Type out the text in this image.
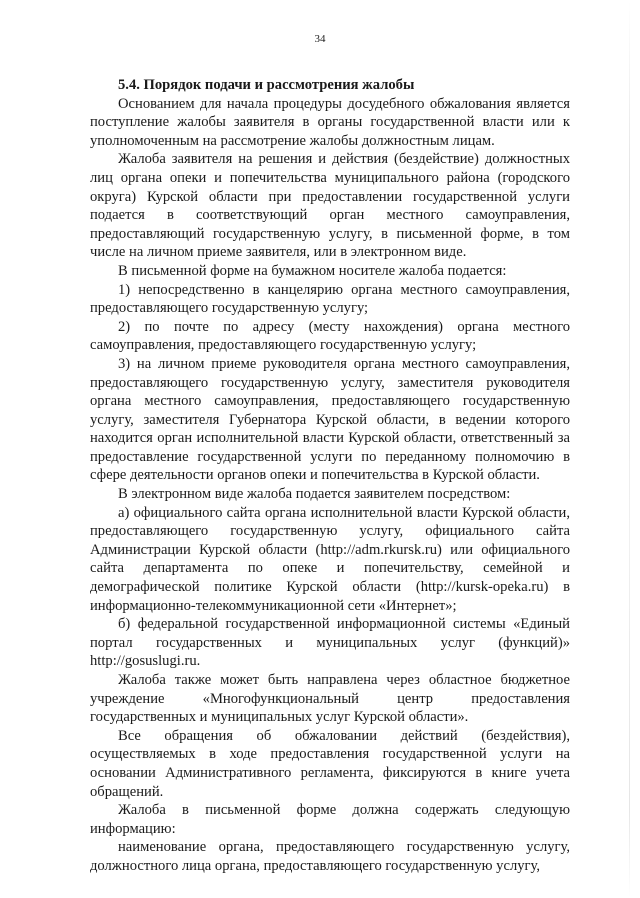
34

5.4. Порядок подачи и рассмотрения жалобы

Основанием для начала процедуры досудебного обжалования является поступление жалобы заявителя в органы государственной власти или к уполномоченным на рассмотрение жалобы должностным лицам.

Жалоба заявителя на решения и действия (бездействие) должностных лиц органа опеки и попечительства муниципального района (городского округа) Курской области при предоставлении государственной услуги подается в соответствующий орган местного самоуправления, предоставляющий государственную услугу, в письменной форме, в том числе на личном приеме заявителя, или в электронном виде.

В письменной форме на бумажном носителе жалоба подается:

1) непосредственно в канцелярию органа местного самоуправления, предоставляющего государственную услугу;

2) по почте по адресу (месту нахождения) органа местного самоуправления, предоставляющего государственную услугу;

3) на личном приеме руководителя органа местного самоуправления, предоставляющего государственную услугу, заместителя руководителя органа местного самоуправления, предоставляющего государственную услугу, заместителя Губернатора Курской области, в ведении которого находится орган исполнительной власти Курской области, ответственный за предоставление государственной услуги по переданному полномочию в сфере деятельности органов опеки и попечительства в Курской области.

В электронном виде жалоба подается заявителем посредством:

а) официального сайта органа исполнительной власти Курской области, предоставляющего государственную услугу, официального сайта Администрации Курской области (http://adm.rkursk.ru) или официального сайта департамента по опеке и попечительству, семейной и демографической политике Курской области (http://kursk-opeka.ru) в информационно-телекоммуникационной сети «Интернет»;

б) федеральной государственной информационной системы «Единый портал государственных и муниципальных услуг (функций)» http://gosuslugi.ru.

Жалоба также может быть направлена через областное бюджетное учреждение «Многофункциональный центр предоставления государственных и муниципальных услуг Курской области».

Все обращения об обжаловании действий (бездействия), осуществляемых в ходе предоставления государственной услуги на основании Административного регламента, фиксируются в книге учета обращений.

Жалоба в письменной форме должна содержать следующую информацию:

наименование органа, предоставляющего государственную услугу, должностного лица органа, предоставляющего государственную услугу,
